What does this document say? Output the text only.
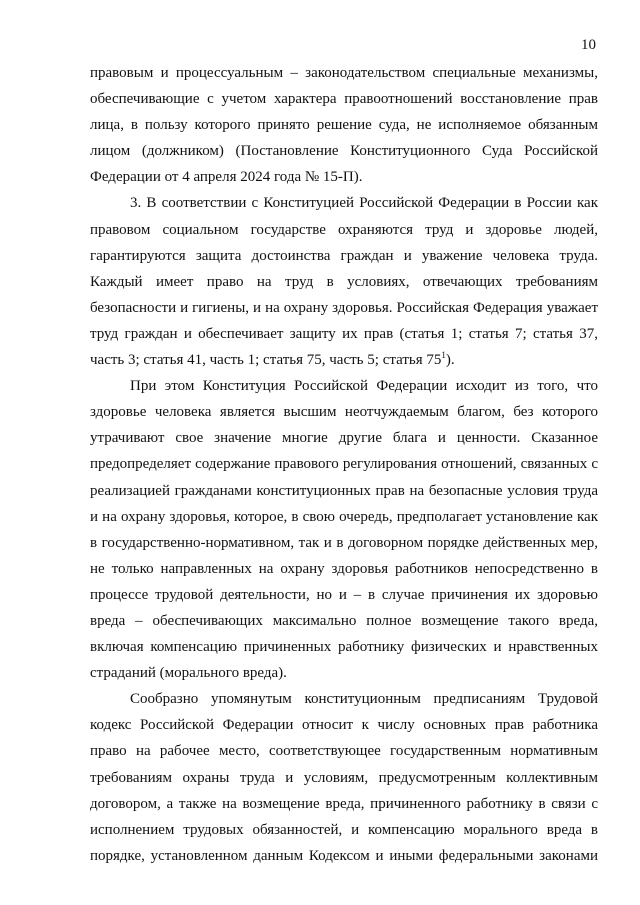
10

правовым и процессуальным – законодательством специальные механизмы, обеспечивающие с учетом характера правоотношений восстановление прав лица, в пользу которого принято решение суда, не исполняемое обязанным лицом (должником) (Постановление Конституционного Суда Российской Федерации от 4 апреля 2024 года № 15-П).

3. В соответствии с Конституцией Российской Федерации в России как правовом социальном государстве охраняются труд и здоровье людей, гарантируются защита достоинства граждан и уважение человека труда. Каждый имеет право на труд в условиях, отвечающих требованиям безопасности и гигиены, и на охрану здоровья. Российская Федерация уважает труд граждан и обеспечивает защиту их прав (статья 1; статья 7; статья 37, часть 3; статья 41, часть 1; статья 75, часть 5; статья $75^1$).

При этом Конституция Российской Федерации исходит из того, что здоровье человека является высшим неотчуждаемым благом, без которого утрачивают свое значение многие другие блага и ценности. Сказанное предопределяет содержание правового регулирования отношений, связанных с реализацией гражданами конституционных прав на безопасные условия труда и на охрану здоровья, которое, в свою очередь, предполагает установление как в государственно-нормативном, так и в договорном порядке действенных мер, не только направленных на охрану здоровья работников непосредственно в процессе трудовой деятельности, но и – в случае причинения их здоровью вреда – обеспечивающих максимально полное возмещение такого вреда, включая компенсацию причиненных работнику физических и нравственных страданий (морального вреда).

Сообразно упомянутым конституционным предписаниям Трудовой кодекс Российской Федерации относит к числу основных прав работника право на рабочее место, соответствующее государственным нормативным требованиям охраны труда и условиям, предусмотренным коллективным договором, а также на возмещение вреда, причиненного работнику в связи с исполнением трудовых обязанностей, и компенсацию морального вреда в порядке, установленном данным Кодексом и иными федеральными законами
